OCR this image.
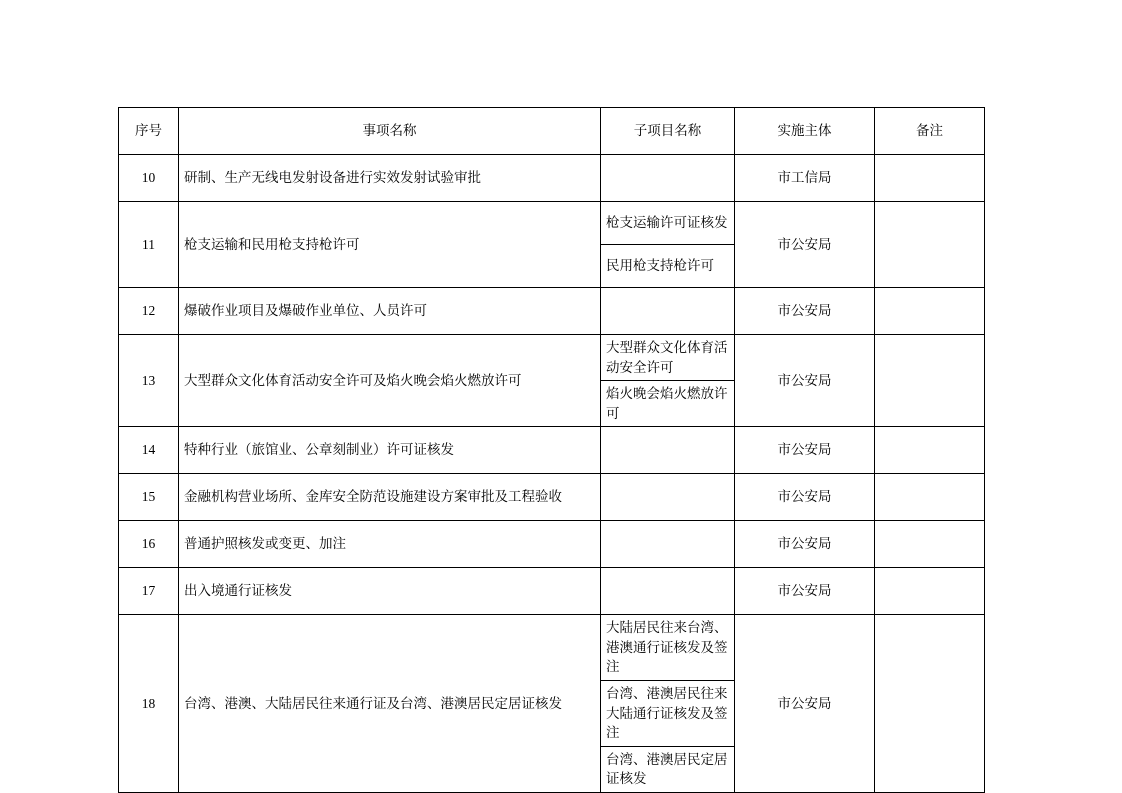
序号	事项名称	子项目名称	实施主体	备注
10	研制、生产无线电发射设备进行实效发射试验审批		市工信局	
11	枪支运输和民用枪支持枪许可	枪支运输许可证核发	市公安局	
		民用枪支持枪许可		
12	爆破作业项目及爆破作业单位、人员许可		市公安局	
13	大型群众文化体育活动安全许可及焰火晚会焰火燃放许可	大型群众文化体育活动安全许可	市公安局	
		焰火晚会焰火燃放许可		
14	特种行业（旅馆业、公章刻制业）许可证核发		市公安局	
15	金融机构营业场所、金库安全防范设施建设方案审批及工程验收		市公安局	
16	普通护照核发或变更、加注		市公安局	
17	出入境通行证核发		市公安局	
18	台湾、港澳、大陆居民往来通行证及台湾、港澳居民定居证核发	大陆居民往来台湾、港澳通行证核发及签注	市公安局	
		台湾、港澳居民往来大陆通行证核发及签注		
		台湾、港澳居民定居证核发		
